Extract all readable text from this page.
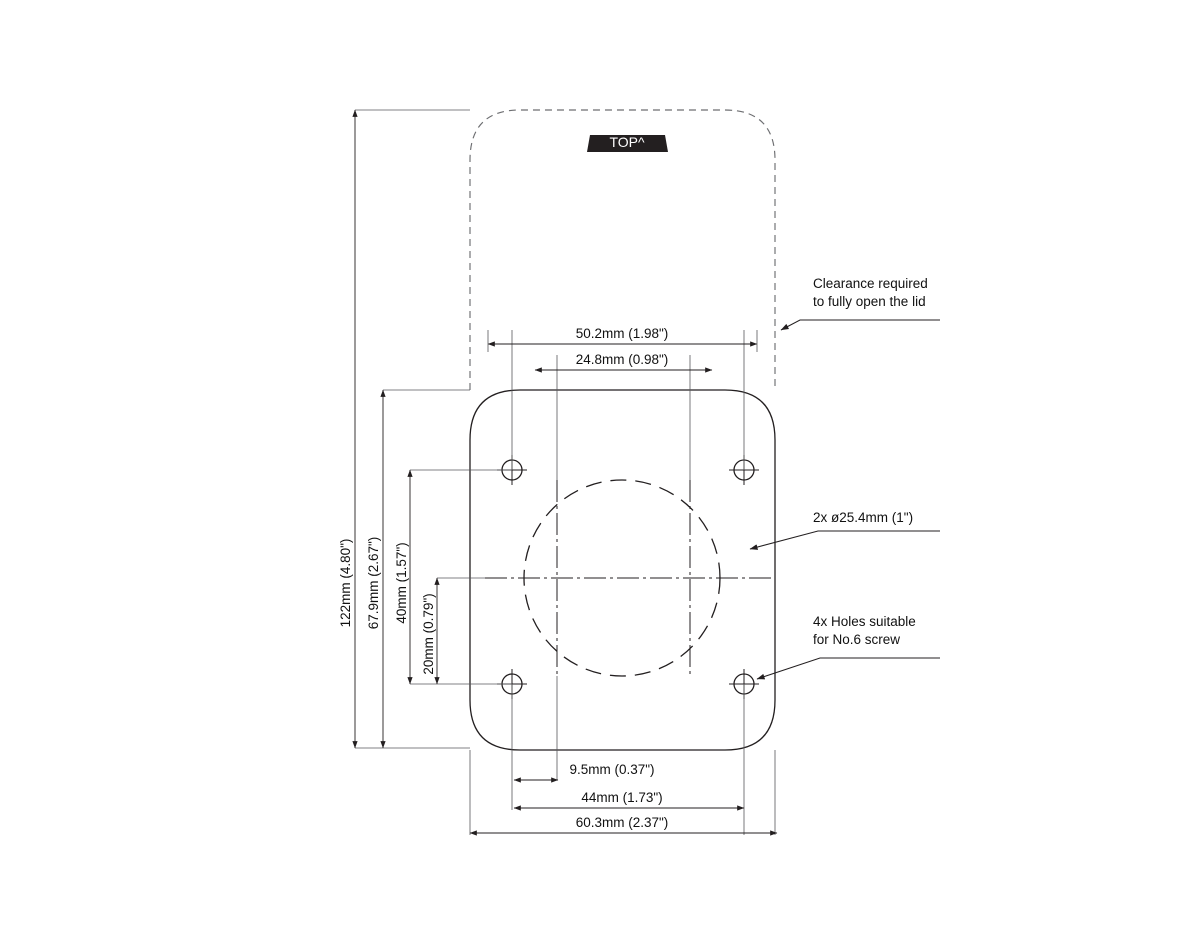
122mm (4.80") 67.9mm (2.67") 40mm (1.57")
20mm (0.79")
50.2mm (1.98")
24.8mm (0.98")
9.5mm (0.37")
44mm (1.73")
60.3mm (2.37")
TOP^
Clearance required
to fully open the lid
2x ø25.4mm (1")
4x Holes suitable
for No.6 screw
